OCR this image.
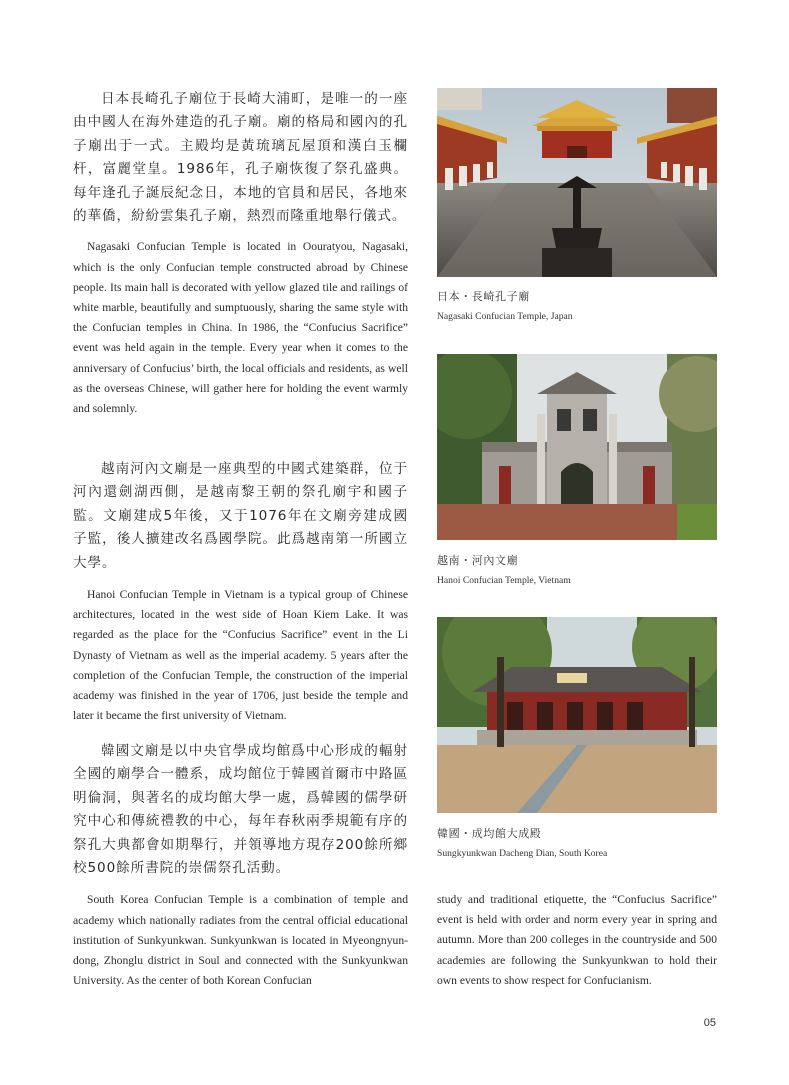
日本長崎孔子廟位于長崎大浦町，是唯一的一座由中國人在海外建造的孔子廟。廟的格局和國內的孔子廟出于一式。主殿均是黃琉璃瓦屋頂和漢白玉欄杆，富麗堂皇。1986年，孔子廟恢復了祭孔盛典。每年逢孔子誕辰紀念日，本地的官員和居民，各地來的華僑，紛紛雲集孔子廟，熱烈而隆重地舉行儀式。

Nagasaki Confucian Temple is located in Oouratyou, Nagasaki, which is the only Confucian temple constructed abroad by Chinese people. Its main hall is decorated with yellow glazed tile and railings of white marble, beautifully and sumptuously, sharing the same style with the Confucian temples in China. In 1986, the “Confucius Sacrifice” event was held again in the temple. Every year when it comes to the anniversary of Confucius’ birth, the local officials and residents, as well as the overseas Chinese, will gather here for holding the event warmly and solemnly.

越南河內文廟是一座典型的中國式建築群，位于河內還劍湖西側，是越南黎王朝的祭孔廟宇和國子監。文廟建成5年後，又于1076年在文廟旁建成國子監，後人擴建改名爲國學院。此爲越南第一所國立大學。

Hanoi Confucian Temple in Vietnam is a typical group of Chinese architectures, located in the west side of Hoan Kiem Lake. It was regarded as the place for the “Confucius Sacrifice” event in the Li Dynasty of Vietnam as well as the imperial academy. 5 years after the completion of the Confucian Temple, the construction of the imperial academy was finished in the year of 1706, just beside the temple and later it became the first university of Vietnam.

韓國文廟是以中央官學成均館爲中心形成的輻射全國的廟學合一體系，成均館位于韓國首爾市中路區明倫洞，與著名的成均館大學一處，爲韓國的儒學研究中心和傳統禮教的中心，每年春秋兩季規範有序的祭孔大典都會如期舉行，并領導地方現存200餘所鄉校500餘所書院的崇儒祭孔活動。

South Korea Confucian Temple is a combination of temple and academy which nationally radiates from the central official educational institution of Sunkyunkwan. Sunkyunkwan is located in Myeongnyun-dong, Zhonglu district in Soul and connected with the Sunkyunkwan University. As the center of both Korean Confucian

study and traditional etiquette, the “Confucius Sacrifice” event is held with order and norm every year in spring and autumn. More than 200 colleges in the countryside and 500 academies are following the Sunkyunkwan to hold their own events to show respect for Confucianism.

日本・長崎孔子廟
Nagasaki Confucian Temple, Japan
越南・河內文廟
Hanoi Confucian Temple, Vietnam
韓國・成均館大成殿
Sungkyunkwan Dacheng Dian, South Korea
05
